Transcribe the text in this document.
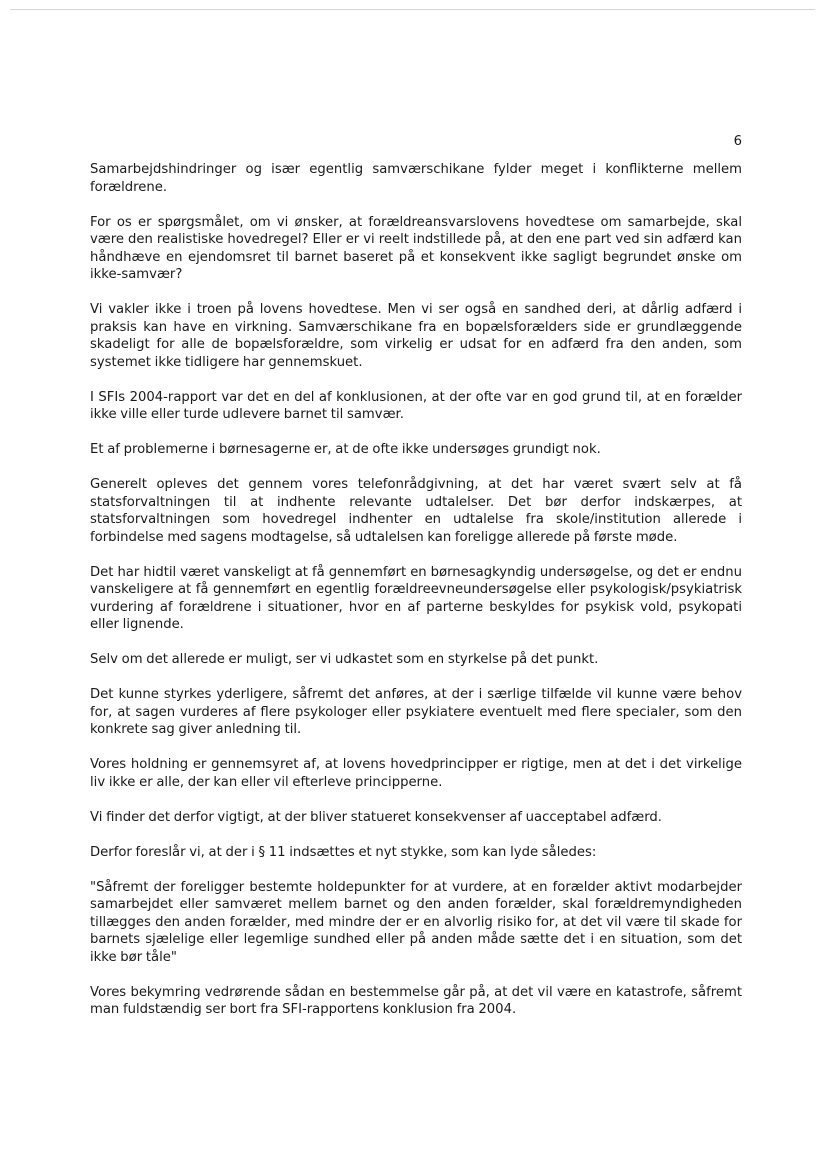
6

Samarbejdshindringer og især egentlig samværschikane fylder meget i konflikterne mellem forældrene.

For os er spørgsmålet, om vi ønsker, at forældreansvarslovens hovedtese om samarbejde, skal være den realistiske hovedregel? Eller er vi reelt indstillede på, at den ene part ved sin adfærd kan håndhæve en ejendomsret til barnet baseret på et konsekvent ikke sagligt begrundet ønske om ikke-samvær?

Vi vakler ikke i troen på lovens hovedtese. Men vi ser også en sandhed deri, at dårlig adfærd i praksis kan have en virkning. Samværschikane fra en bopælsforælders side er grundlæggende skadeligt for alle de bopælsforældre, som virkelig er udsat for en adfærd fra den anden, som systemet ikke tidligere har gennemskuet.

I SFIs 2004-rapport var det en del af konklusionen, at der ofte var en god grund til, at en forælder ikke ville eller turde udlevere barnet til samvær.

Et af problemerne i børnesagerne er, at de ofte ikke undersøges grundigt nok.

Generelt opleves det gennem vores telefonrådgivning, at det har været svært selv at få statsforvaltningen til at indhente relevante udtalelser. Det bør derfor indskærpes, at statsforvaltningen som hovedregel indhenter en udtalelse fra skole/institution allerede i forbindelse med sagens modtagelse, så udtalelsen kan foreligge allerede på første møde.

Det har hidtil været vanskeligt at få gennemført en børnesagkyndig undersøgelse, og det er endnu vanskeligere at få gennemført en egentlig forældreevneundersøgelse eller psykologisk/psykiatrisk vurdering af forældrene i situationer, hvor en af parterne beskyldes for psykisk vold, psykopati eller lignende.

Selv om det allerede er muligt, ser vi udkastet som en styrkelse på det punkt.

Det kunne styrkes yderligere, såfremt det anføres, at der i særlige tilfælde vil kunne være behov for, at sagen vurderes af flere psykologer eller psykiatere eventuelt med flere specialer, som den konkrete sag giver anledning til.

Vores holdning er gennemsyret af, at lovens hovedprincipper er rigtige, men at det i det virkelige liv ikke er alle, der kan eller vil efterleve principperne.

Vi finder det derfor vigtigt, at der bliver statueret konsekvenser af uacceptabel adfærd.

Derfor foreslår vi, at der i § 11 indsættes et nyt stykke, som kan lyde således:

"Såfremt der foreligger bestemte holdepunkter for at vurdere, at en forælder aktivt modarbejder samarbejdet eller samværet mellem barnet og den anden forælder, skal forældremyndigheden tillægges den anden forælder, med mindre der er en alvorlig risiko for, at det vil være til skade for barnets sjælelige eller legemlige sundhed eller på anden måde sætte det i en situation, som det ikke bør tåle"

Vores bekymring vedrørende sådan en bestemmelse går på, at det vil være en katastrofe, såfremt man fuldstændig ser bort fra SFI-rapportens konklusion fra 2004.
